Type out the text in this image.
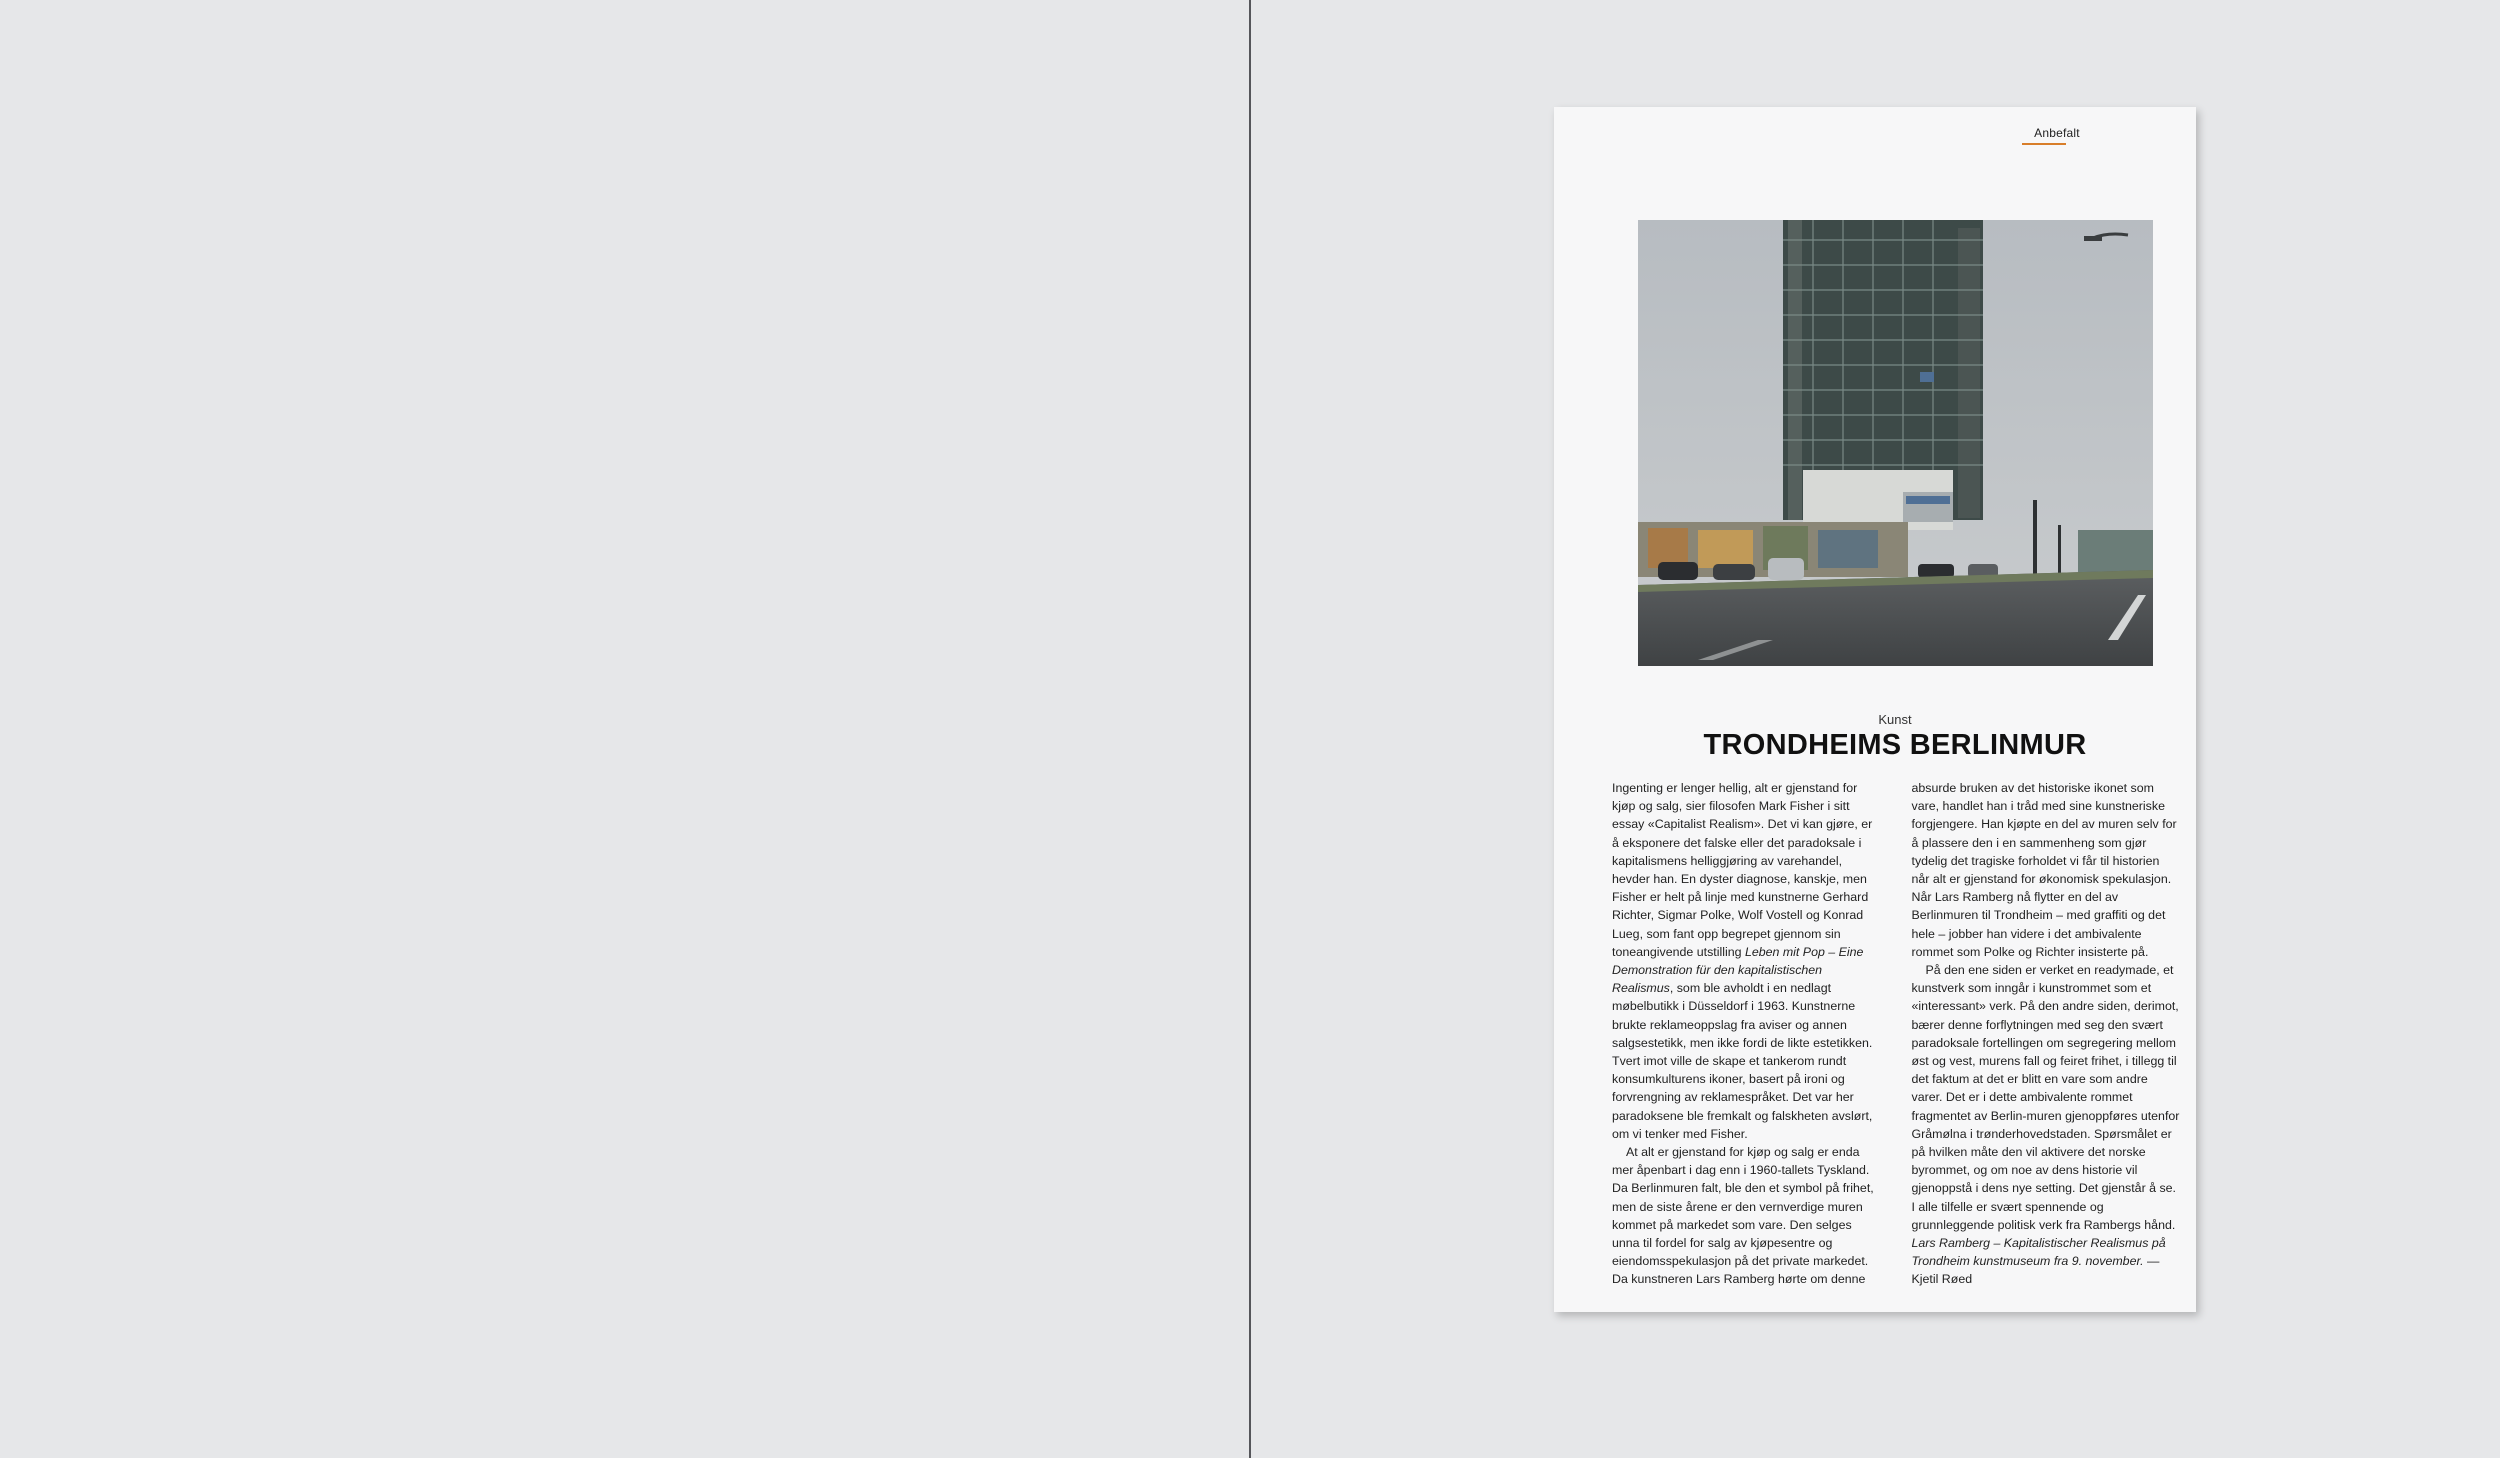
Anbefalt
Kunst
TRONDHEIMS BERLINMUR

Ingenting er lenger hellig, alt er gjenstand for kjøp og salg, sier filosofen Mark Fisher i sitt essay «Capitalist Realism». Det vi kan gjøre, er å eksponere det falske eller det paradoksale i kapitalismens helliggjøring av varehandel, hevder han. En dyster diagnose, kanskje, men Fisher er helt på linje med kunstnerne Gerhard Richter, Sigmar Polke, Wolf Vostell og Konrad Lueg, som fant opp begrepet gjennom sin toneangivende utstilling Leben mit Pop – Eine Demonstration für den kapitalistischen Realismus, som ble avholdt i en nedlagt møbelbutikk i Düsseldorf i 1963. Kunstnerne brukte reklameoppslag fra aviser og annen salgsestetikk, men ikke fordi de likte estetikken. Tvert imot ville de skape et tankerom rundt konsumkulturens ikoner, basert på ironi og forvrengning av reklamespråket. Det var her paradoksene ble fremkalt og falskheten avslørt, om vi tenker med Fisher.

At alt er gjenstand for kjøp og salg er enda mer åpenbart i dag enn i 1960-tallets Tyskland. Da Berlinmuren falt, ble den et symbol på frihet, men de siste årene er den vernverdige muren kommet på markedet som vare. Den selges unna til fordel for salg av kjøpesentre og eiendomsspekulasjon på det private markedet. Da kunstneren Lars Ramberg hørte om denne absurde bruken av det historiske ikonet som vare, handlet han i tråd med sine kunstneriske forgjengere. Han kjøpte en del av muren selv for å plassere den i en sammenheng som gjør tydelig det tragiske forholdet vi får til historien når alt er gjenstand for økonomisk spekulasjon. Når Lars Ramberg nå flytter en del av Berlinmuren til Trondheim – med graffiti og det hele – jobber han videre i det ambivalente rommet som Polke og Richter insisterte på.

På den ene siden er verket en readymade, et kunstverk som inngår i kunstrommet som et «interessant» verk. På den andre siden, derimot, bærer denne forflytningen med seg den svært paradoksale fortellingen om segregering mellom øst og vest, murens fall og feiret frihet, i tillegg til det faktum at det er blitt en vare som andre varer. Det er i dette ambivalente rommet fragmentet av Berlin-muren gjenoppføres utenfor Gråmølna i trønderhovedstaden. Spørsmålet er på hvilken måte den vil aktivere det norske byrommet, og om noe av dens historie vil gjenoppstå i dens nye setting. Det gjenstår å se. I alle tilfelle er svært spennende og grunnleggende politisk verk fra Rambergs hånd. Lars Ramberg – Kapitalistischer Realismus på Trondheim kunstmuseum fra 9. november. — Kjetil Røed
